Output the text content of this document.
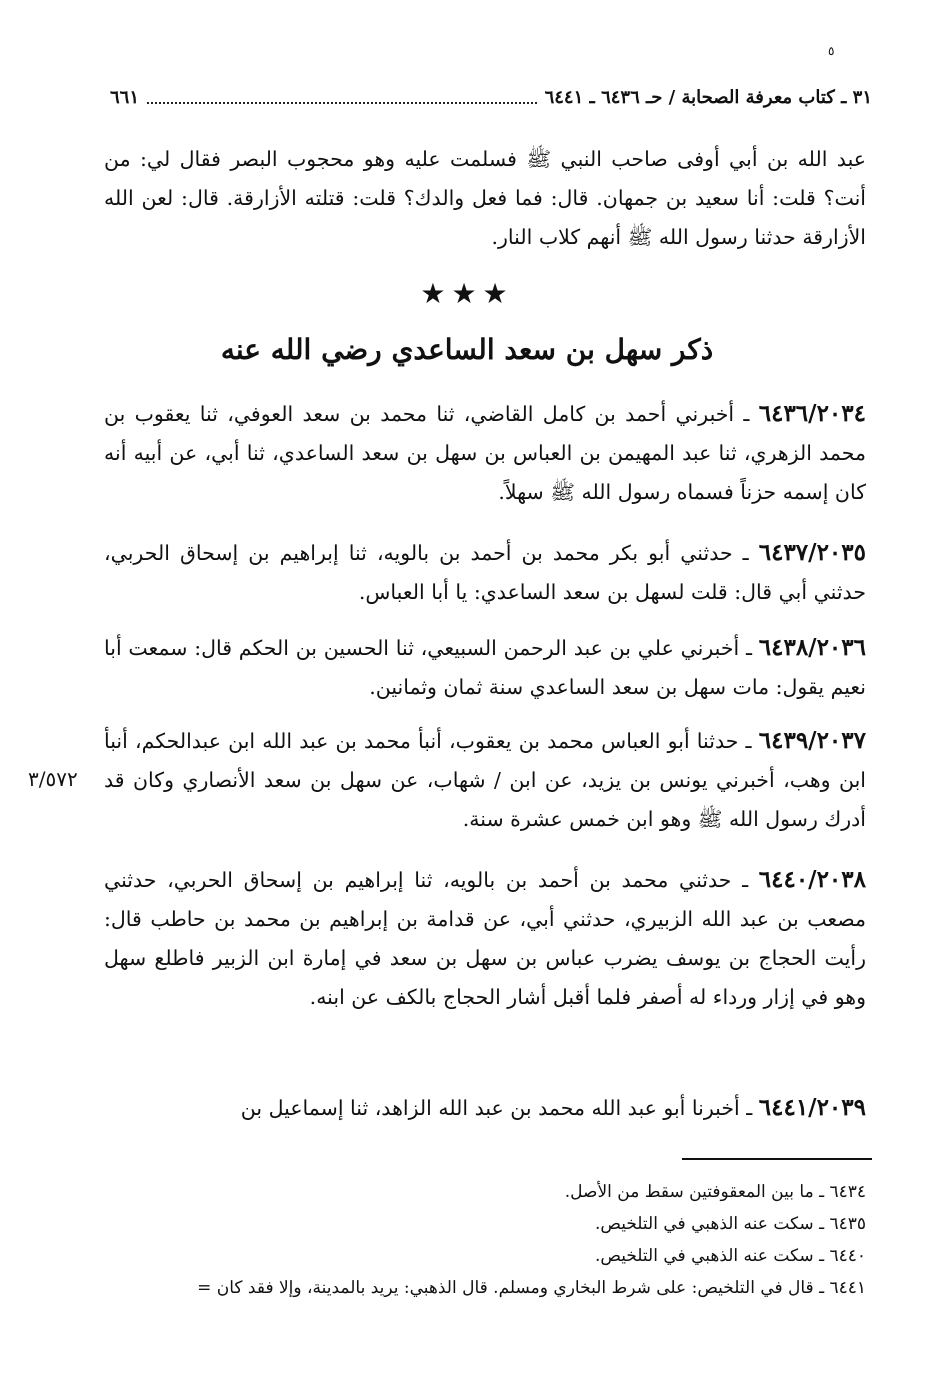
٥
٣١ ـ كتاب معرفة الصحابة / حـ ٦٤٣٦ ـ ٦٤٤١
٦٦١
عبد الله بن أبي أوفى صاحب النبي ﷺ فسلمت عليه وهو محجوب البصر فقال لي: من أنت؟ قلت: أنا سعيد بن جمهان. قال: فما فعل والدك؟ قلت: قتلته الأزارقة. قال: لعن الله الأزارقة حدثنا رسول الله ﷺ أنهم كلاب النار.
★★★
ذكر سهل بن سعد الساعدي رضي الله عنه
٦٤٣٦/٢٠٣٤ ـ أخبرني أحمد بن كامل القاضي، ثنا محمد بن سعد العوفي، ثنا يعقوب بن محمد الزهري، ثنا عبد المهيمن بن العباس بن سهل بن سعد الساعدي، ثنا أبي، عن أبيه أنه كان إسمه حزناً فسماه رسول الله ﷺ سهلاً.
٦٤٣٧/٢٠٣٥ ـ حدثني أبو بكر محمد بن أحمد بن بالويه، ثنا إبراهيم بن إسحاق الحربي، حدثني أبي قال: قلت لسهل بن سعد الساعدي: يا أبا العباس.
٦٤٣٨/٢٠٣٦ ـ أخبرني علي بن عبد الرحمن السبيعي، ثنا الحسين بن الحكم قال: سمعت أبا نعيم يقول: مات سهل بن سعد الساعدي سنة ثمان وثمانين.
٦٤٣٩/٢٠٣٧ ـ حدثنا أبو العباس محمد بن يعقوب، أنبأ محمد بن عبد الله ابن عبدالحكم، أنبأ ابن وهب، أخبرني يونس بن يزيد، عن ابن / شهاب، عن سهل بن سعد الأنصاري وكان قد أدرك رسول الله ﷺ وهو ابن خمس عشرة سنة.
٣/٥٧٢
٦٤٤٠/٢٠٣٨ ـ حدثني محمد بن أحمد بن بالويه، ثنا إبراهيم بن إسحاق الحربي، حدثني مصعب بن عبد الله الزبيري، حدثني أبي، عن قدامة بن إبراهيم بن محمد بن حاطب قال: رأيت الحجاج بن يوسف يضرب عباس بن سهل بن سعد في إمارة ابن الزبير فاطلع سهل وهو في إزار ورداء له أصفر فلما أقبل أشار الحجاج بالكف عن ابنه.
٦٤٤١/٢٠٣٩ ـ أخبرنا أبو عبد الله محمد بن عبد الله الزاهد، ثنا إسماعيل بن
٦٤٣٤ ـ ما بين المعقوفتين سقط من الأصل.
٦٤٣٥ ـ سكت عنه الذهبي في التلخيص.
٦٤٤٠ ـ سكت عنه الذهبي في التلخيص.
٦٤٤١ ـ قال في التلخيص: على شرط البخاري ومسلم. قال الذهبي: يريد بالمدينة، وإلا فقد كان =
